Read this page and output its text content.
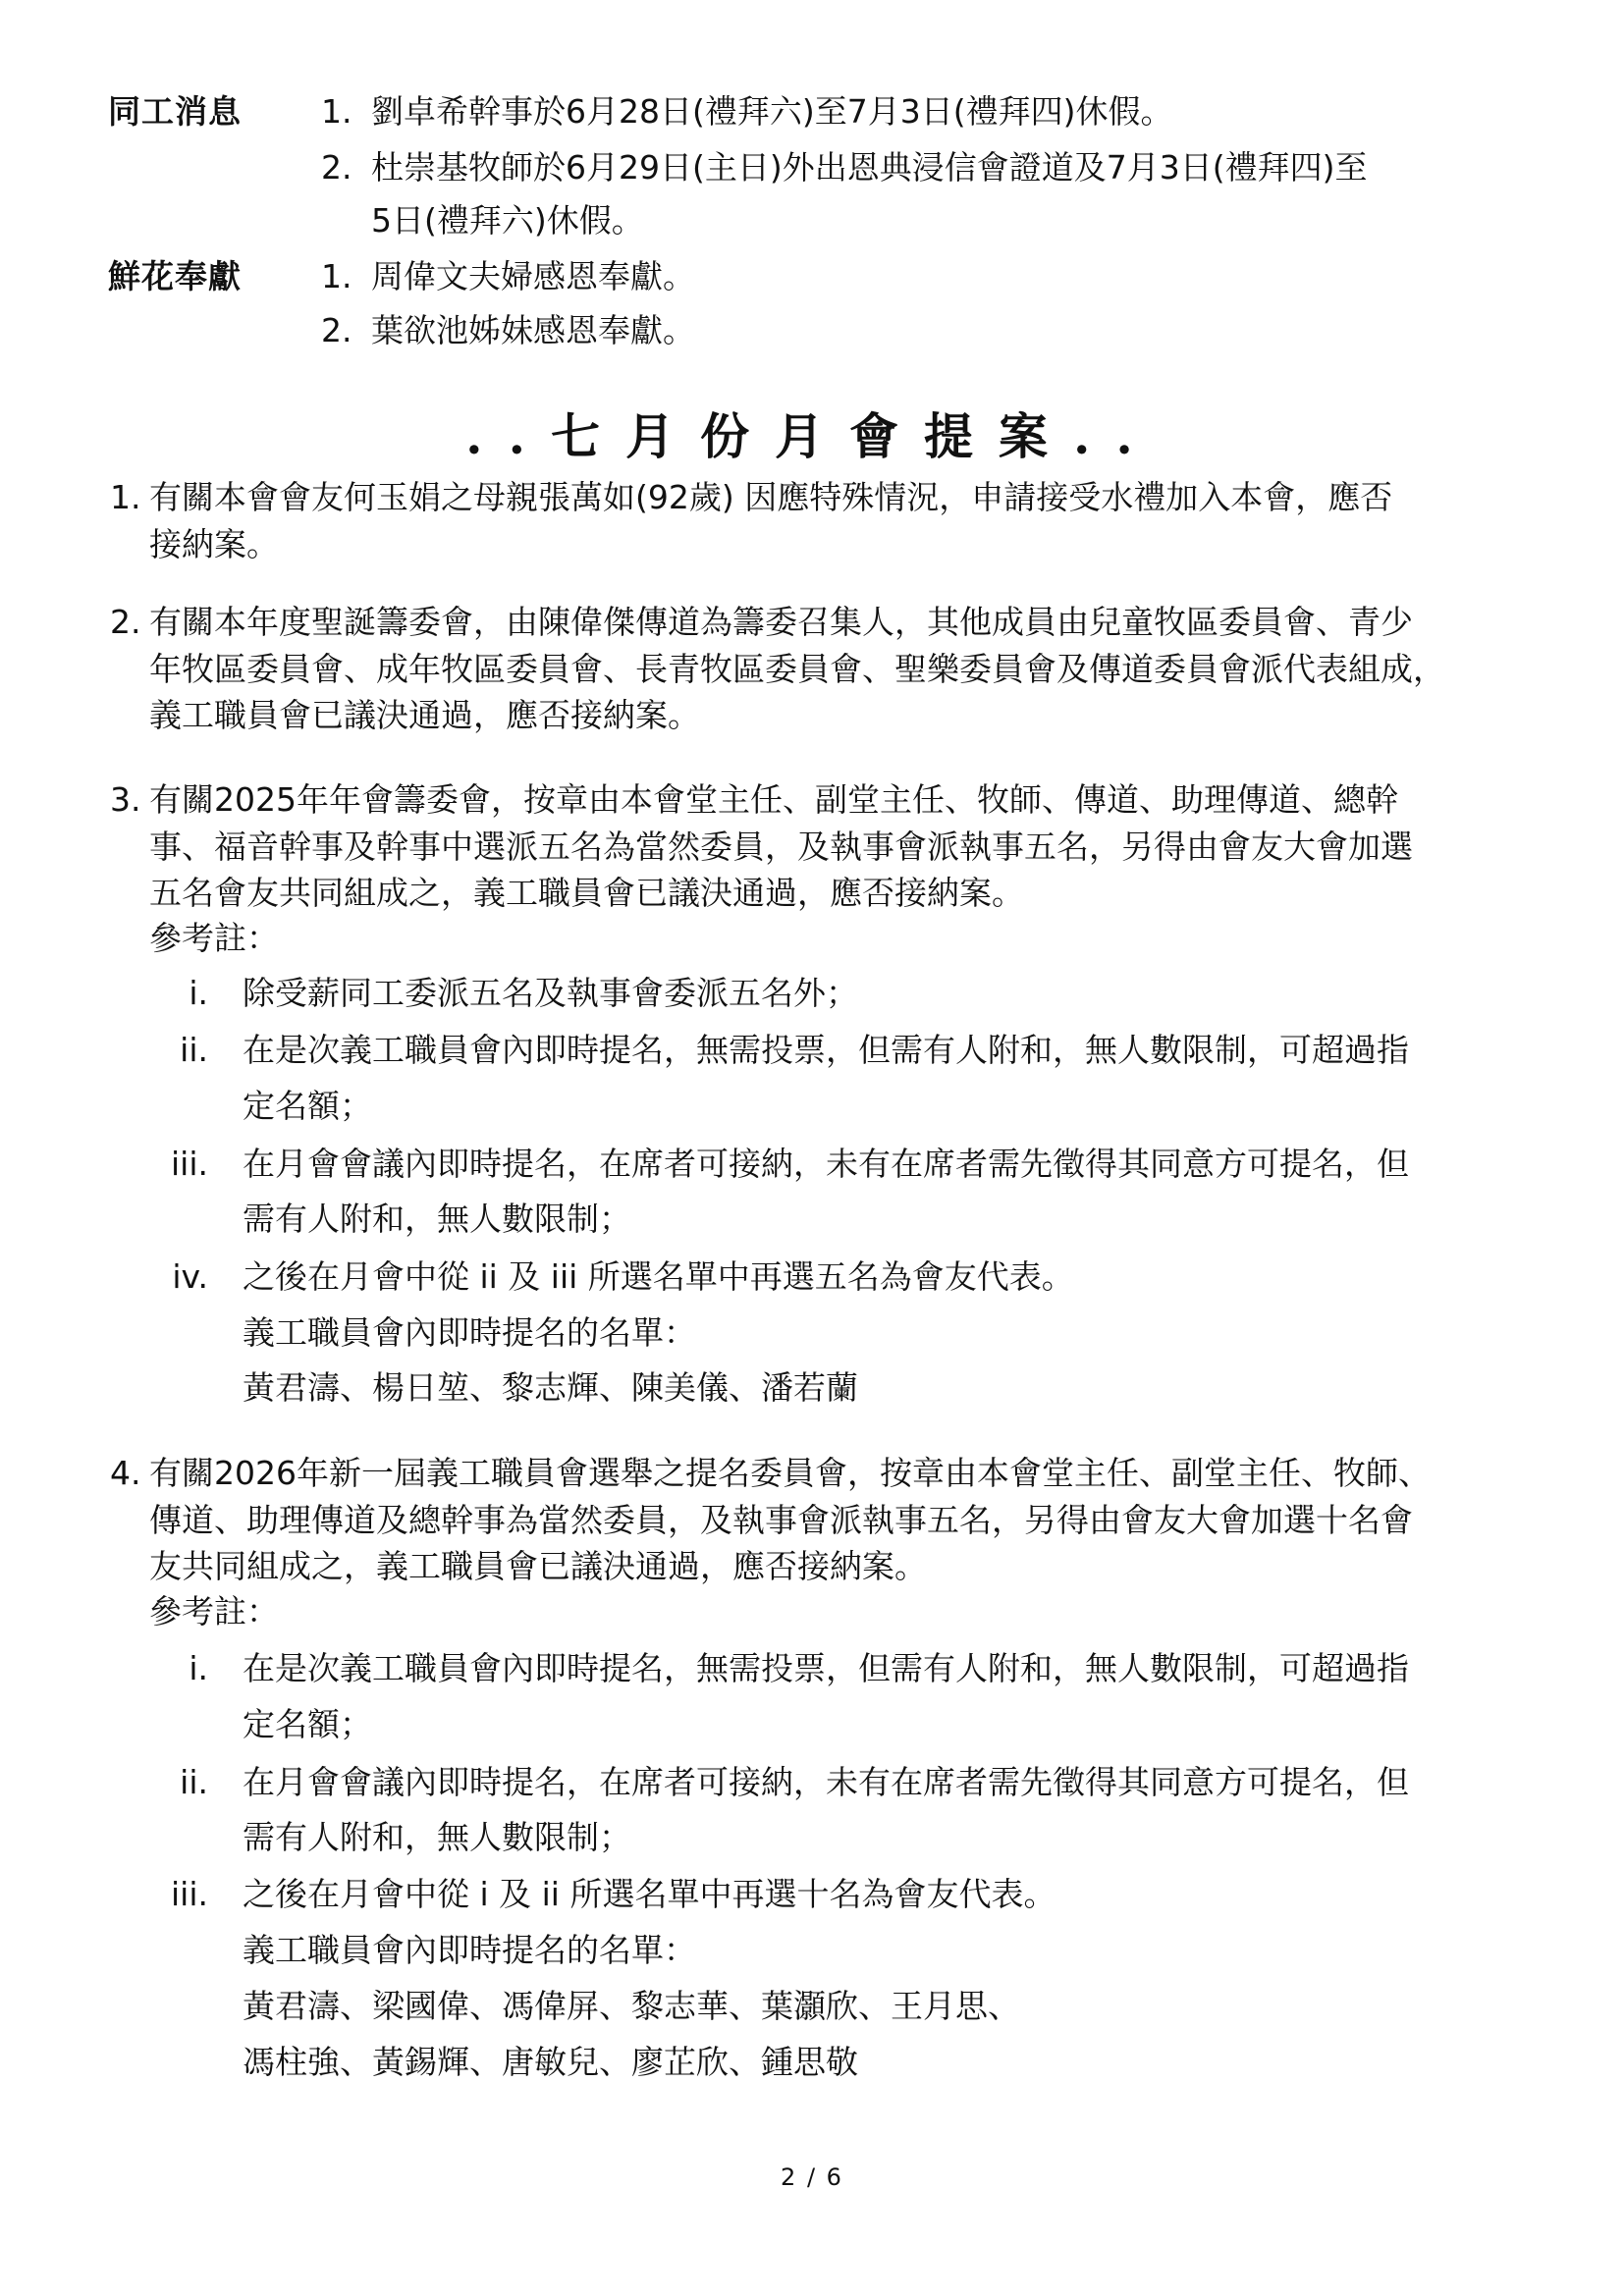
同工消息 1. 劉卓希幹事於6月28日(禮拜六)至7月3日(禮拜四)休假。
2. 杜崇基牧師於6月29日(主日)外出恩典浸信會證道及7月3日(禮拜四)至
5日(禮拜六)休假。
鮮花奉獻 1. 周偉文夫婦感恩奉獻。
2. 葉欲池姊妹感恩奉獻。
..七月份月會提案..
1. 有關本會會友何玉娟之母親張萬如(92歲) 因應特殊情況，申請接受水禮加入本會，應否
接納案。
2. 有關本年度聖誕籌委會，由陳偉傑傳道為籌委召集人，其他成員由兒童牧區委員會、青少
年牧區委員會、成年牧區委員會、長青牧區委員會、聖樂委員會及傳道委員會派代表組成，
義工職員會已議決通過，應否接納案。
3. 有關2025年年會籌委會，按章由本會堂主任、副堂主任、牧師、傳道、助理傳道、總幹
事、福音幹事及幹事中選派五名為當然委員，及執事會派執事五名，另得由會友大會加選
五名會友共同組成之，義工職員會已議決通過，應否接納案。
參考註：
i. 除受薪同工委派五名及執事會委派五名外；
ii. 在是次義工職員會內即時提名，無需投票，但需有人附和，無人數限制，可超過指
定名額；
iii. 在月會會議內即時提名，在席者可接納，未有在席者需先徵得其同意方可提名，但
需有人附和，無人數限制；
iv. 之後在月會中從 ii 及 iii 所選名單中再選五名為會友代表。
義工職員會內即時提名的名單：
黃君濤、楊日堃、黎志輝、陳美儀、潘若蘭
4. 有關2026年新一屆義工職員會選舉之提名委員會，按章由本會堂主任、副堂主任、牧師、
傳道、助理傳道及總幹事為當然委員，及執事會派執事五名，另得由會友大會加選十名會
友共同組成之，義工職員會已議決通過，應否接納案。
參考註：
i. 在是次義工職員會內即時提名，無需投票，但需有人附和，無人數限制，可超過指
定名額；
ii. 在月會會議內即時提名，在席者可接納，未有在席者需先徵得其同意方可提名，但
需有人附和，無人數限制；
iii. 之後在月會中從 i 及 ii 所選名單中再選十名為會友代表。
義工職員會內即時提名的名單：
黃君濤、梁國偉、馮偉屏、黎志華、葉灝欣、王月思、
馮柱強、黃錫輝、唐敏兒、廖芷欣、鍾思敬
2 / 6
